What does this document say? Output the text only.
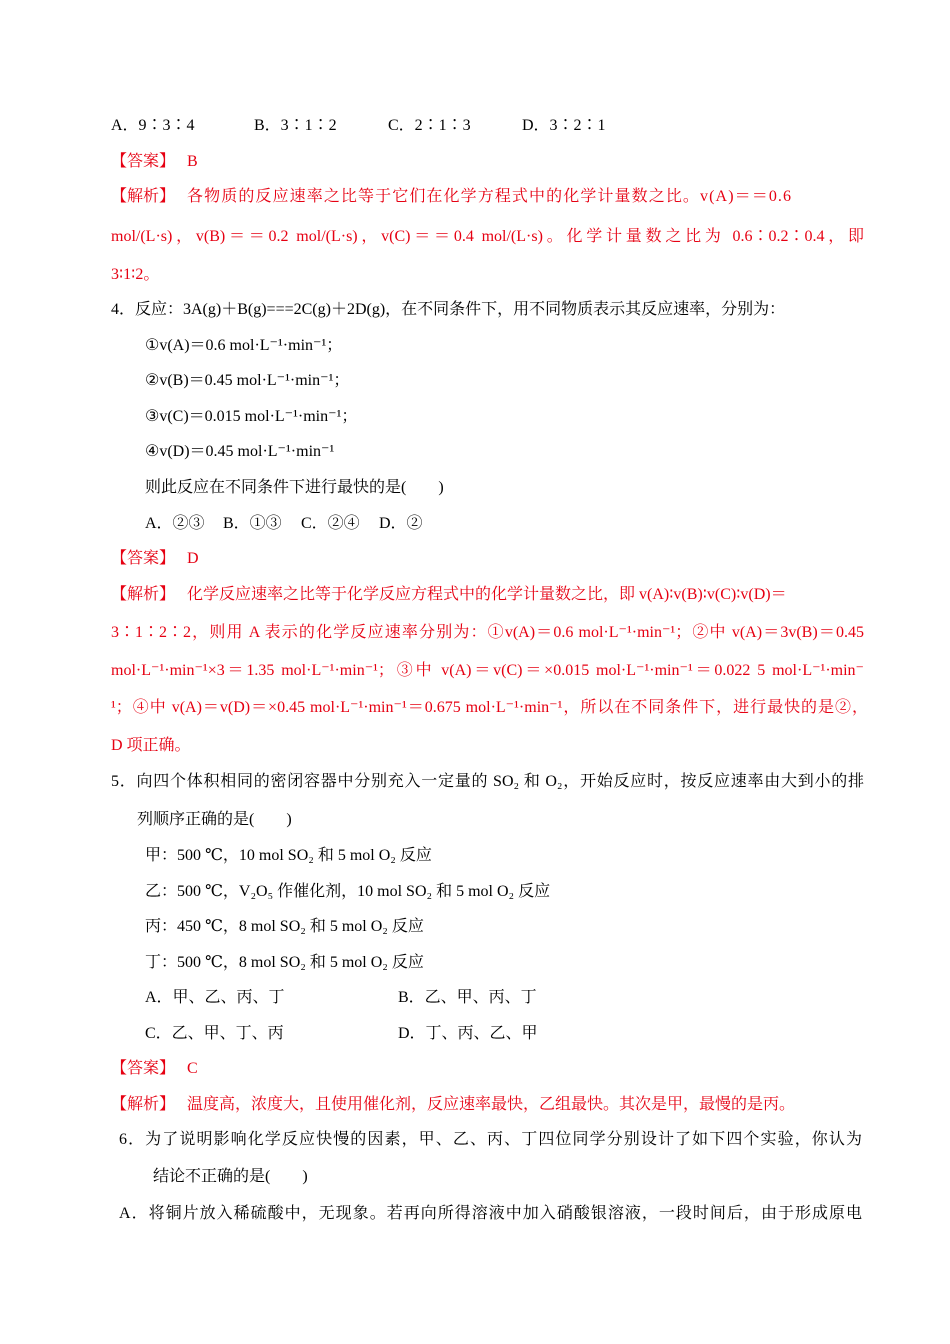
A．9∶3∶4	B．3∶1∶2	C．2∶1∶3	D．3∶2∶1
【答案】 B
【解析】 各物质的反应速率之比等于它们在化学方程式中的化学计量数之比。v(A)＝＝0.6
mol/(L·s)，v(B)＝＝0.2 mol/(L·s)，v(C)＝＝0.4 mol/(L·s)。化学计量数之比为 0.6∶0.2∶0.4，即
3∶1∶2。
4．反应：3A(g)＋B(g)===2C(g)＋2D(g)，在不同条件下，用不同物质表示其反应速率，分别为：
①v(A)＝0.6 mol·L⁻¹·min⁻¹；
②v(B)＝0.45 mol·L⁻¹·min⁻¹；
③v(C)＝0.015 mol·L⁻¹·min⁻¹；
④v(D)＝0.45 mol·L⁻¹·min⁻¹
则此反应在不同条件下进行最快的是(　　)
A．②③ B．①③ C．②④ D．②
【答案】 D
【解析】 化学反应速率之比等于化学反应方程式中的化学计量数之比，即 v(A)∶v(B)∶v(C)∶v(D)＝
3∶1∶2∶2，则用 A 表示的化学反应速率分别为：①v(A)＝0.6 mol·L⁻¹·min⁻¹；②中 v(A)＝3v(B)＝0.45
mol·L⁻¹·min⁻¹×3＝1.35 mol·L⁻¹·min⁻¹；③中 v(A)＝v(C)＝×0.015 mol·L⁻¹·min⁻¹＝0.022 5 mol·L⁻¹·min⁻
¹；④中 v(A)＝v(D)＝×0.45 mol·L⁻¹·min⁻¹＝0.675 mol·L⁻¹·min⁻¹，所以在不同条件下，进行最快的是②，
D 项正确。
5．向四个体积相同的密闭容器中分别充入一定量的 SO₂ 和 O₂，开始反应时，按反应速率由大到小的排
列顺序正确的是(　　)
甲：500 ℃，10 mol SO₂ 和 5 mol O₂ 反应
乙：500 ℃，V₂O₅ 作催化剂，10 mol SO₂ 和 5 mol O₂ 反应
丙：450 ℃，8 mol SO₂ 和 5 mol O₂ 反应
丁：500 ℃，8 mol SO₂ 和 5 mol O₂ 反应
A．甲、乙、丙、丁	B．乙、甲、丙、丁
C．乙、甲、丁、丙	D．丁、丙、乙、甲
【答案】 C
【解析】 温度高，浓度大，且使用催化剂，反应速率最快，乙组最快。其次是甲，最慢的是丙。
6．为了说明影响化学反应快慢的因素，甲、乙、丙、丁四位同学分别设计了如下四个实验，你认为
结论不正确的是(　　)
A．将铜片放入稀硫酸中，无现象。若再向所得溶液中加入硝酸银溶液，一段时间后，由于形成原电
